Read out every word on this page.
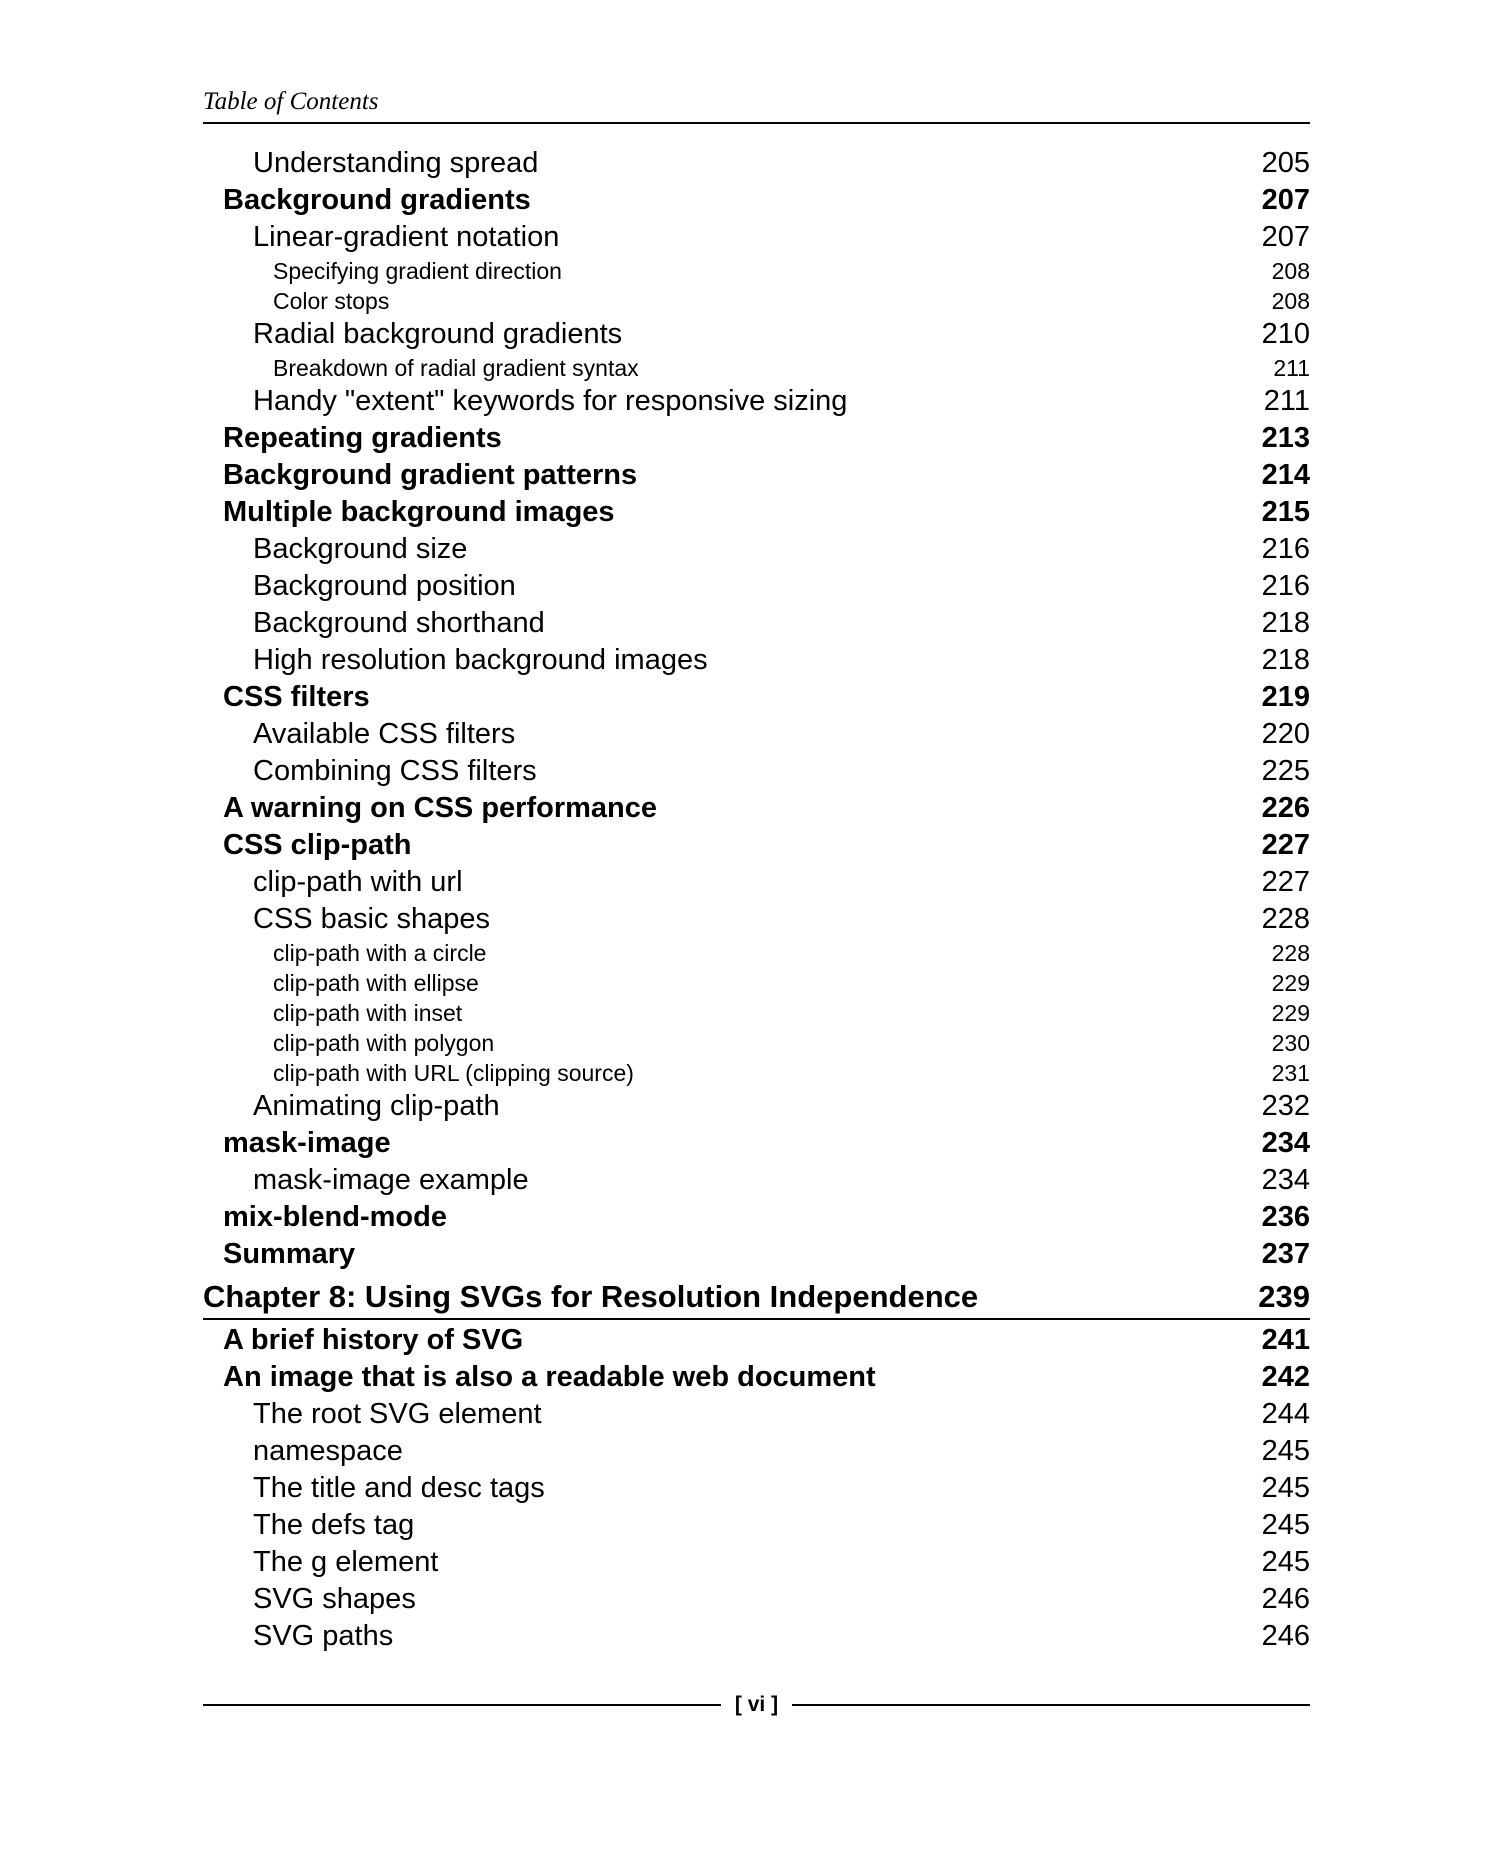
Table of Contents
Understanding spread	205
Background gradients	207
Linear-gradient notation	207
Specifying gradient direction	208
Color stops	208
Radial background gradients	210
Breakdown of radial gradient syntax	211
Handy "extent" keywords for responsive sizing	211
Repeating gradients	213
Background gradient patterns	214
Multiple background images	215
Background size	216
Background position	216
Background shorthand	218
High resolution background images	218
CSS filters	219
Available CSS filters	220
Combining CSS filters	225
A warning on CSS performance	226
CSS clip-path	227
clip-path with url	227
CSS basic shapes	228
clip-path with a circle	228
clip-path with ellipse	229
clip-path with inset	229
clip-path with polygon	230
clip-path with URL (clipping source)	231
Animating clip-path	232
mask-image	234
mask-image example	234
mix-blend-mode	236
Summary	237
Chapter 8: Using SVGs for Resolution Independence	239
A brief history of SVG	241
An image that is also a readable web document	242
The root SVG element	244
namespace	245
The title and desc tags	245
The defs tag	245
The g element	245
SVG shapes	246
SVG paths	246
[ vi ]
